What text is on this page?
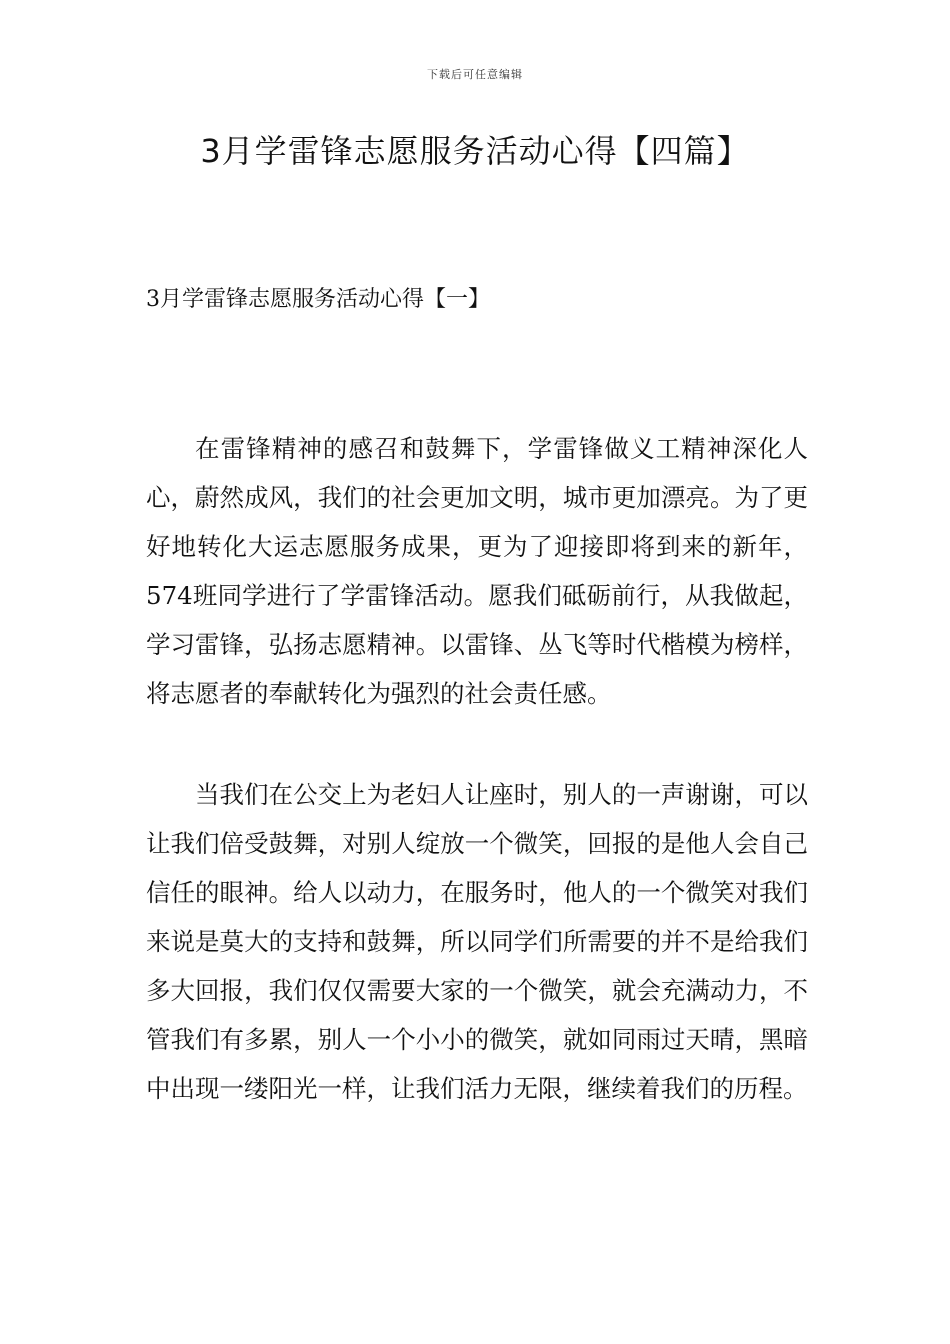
下载后可任意编辑
3月学雷锋志愿服务活动心得【四篇】
3月学雷锋志愿服务活动心得【一】

在雷锋精神的感召和鼓舞下，学雷锋做义工精神深化人心，蔚然成风，我们的社会更加文明，城市更加漂亮。为了更好地转化大运志愿服务成果，更为了迎接即将到来的新年，574班同学进行了学雷锋活动。愿我们砥砺前行，从我做起，学习雷锋，弘扬志愿精神。以雷锋、丛飞等时代楷模为榜样，将志愿者的奉献转化为强烈的社会责任感。

当我们在公交上为老妇人让座时，别人的一声谢谢，可以让我们倍受鼓舞，对别人绽放一个微笑，回报的是他人会自己信任的眼神。给人以动力，在服务时，他人的一个微笑对我们来说是莫大的支持和鼓舞，所以同学们所需要的并不是给我们多大回报，我们仅仅需要大家的一个微笑，就会充满动力，不管我们有多累，别人一个小小的微笑，就如同雨过天晴，黑暗中出现一缕阳光一样，让我们活力无限，继续着我们的历程。
